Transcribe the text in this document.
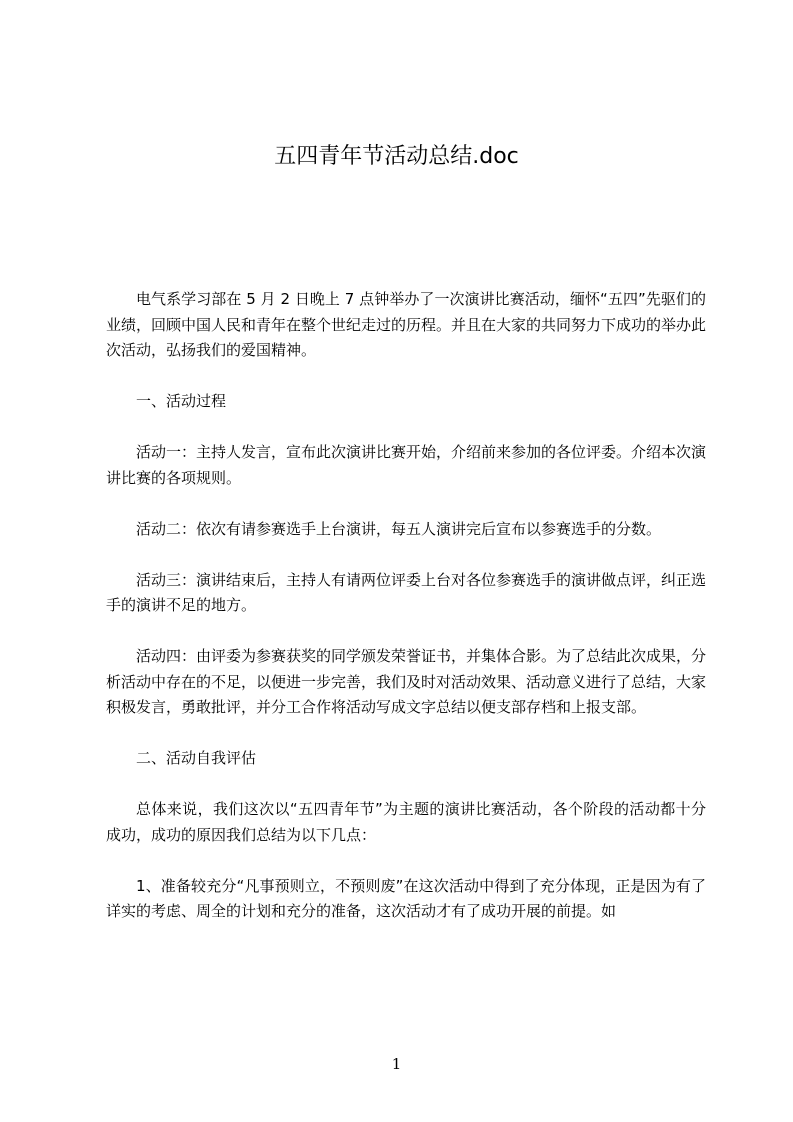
五四青年节活动总结.doc

电气系学习部在 5 月 2 日晚上 7 点钟举办了一次演讲比赛活动，缅怀“五四”先驱们的业绩，回顾中国人民和青年在整个世纪走过的历程。并且在大家的共同努力下成功的举办此次活动，弘扬我们的爱国精神。

一、活动过程

活动一：主持人发言，宣布此次演讲比赛开始，介绍前来参加的各位评委。介绍本次演讲比赛的各项规则。

活动二：依次有请参赛选手上台演讲，每五人演讲完后宣布以参赛选手的分数。

活动三：演讲结束后，主持人有请两位评委上台对各位参赛选手的演讲做点评，纠正选手的演讲不足的地方。

活动四：由评委为参赛获奖的同学颁发荣誉证书，并集体合影。为了总结此次成果，分析活动中存在的不足，以便进一步完善，我们及时对活动效果、活动意义进行了总结，大家积极发言，勇敢批评，并分工合作将活动写成文字总结以便支部存档和上报支部。

二、活动自我评估

总体来说，我们这次以“五四青年节”为主题的演讲比赛活动，各个阶段的活动都十分成功，成功的原因我们总结为以下几点：

1、准备较充分“凡事预则立，不预则废”在这次活动中得到了充分体现，正是因为有了详实的考虑、周全的计划和充分的准备，这次活动才有了成功开展的前提。如

1
